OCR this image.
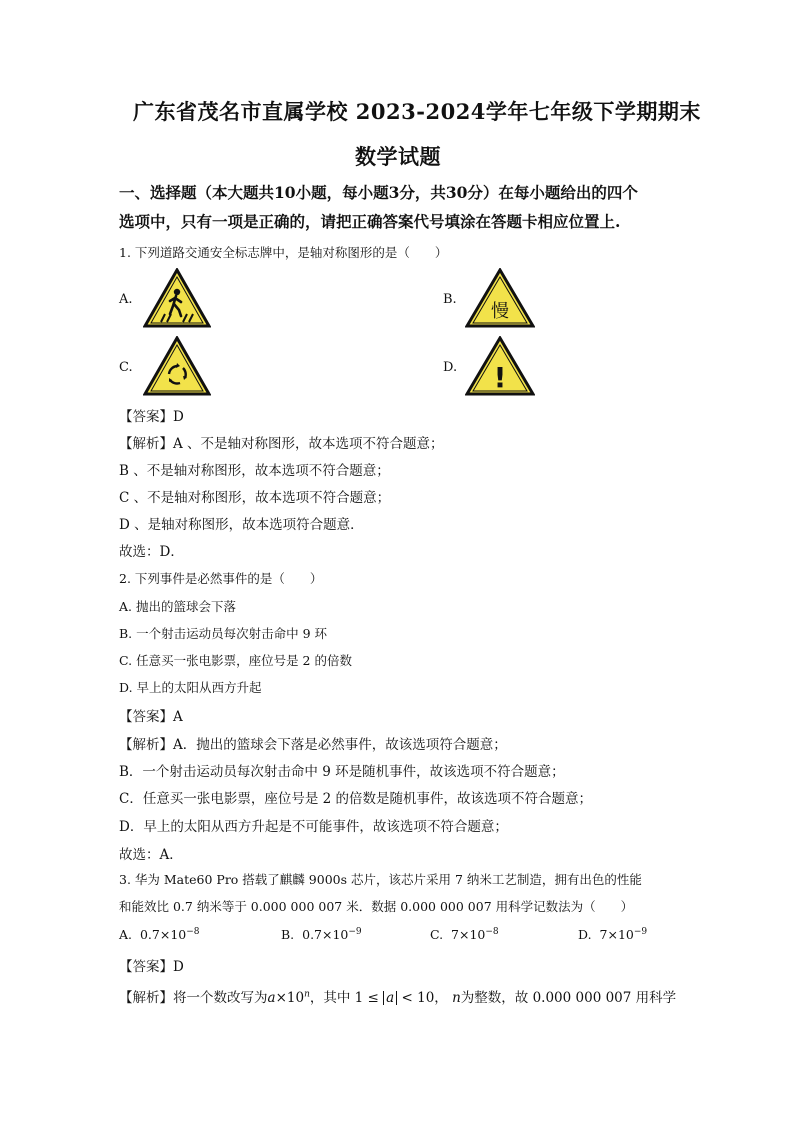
广东省茂名市直属学校 2023-2024学年七年级下学期期末
数学试题
一、选择题（本大题共10小题，每小题3分，共30分）在每小题给出的四个
选项中，只有一项是正确的，请把正确答案代号填涂在答题卡相应位置上.
1. 下列道路交通安全标志牌中，是轴对称图形的是（　　）
A.	B.
慢
C.	D. !
【答案】D
【解析】A 、不是轴对称图形，故本选项不符合题意；
B 、不是轴对称图形，故本选项不符合题意；
C 、不是轴对称图形，故本选项不符合题意；
D 、是轴对称图形，故本选项符合题意．
故选：D．
2. 下列事件是必然事件的是（　　）
A. 抛出的篮球会下落
B. 一个射击运动员每次射击命中 9 环
C. 任意买一张电影票，座位号是 2 的倍数
D. 早上的太阳从西方升起
【答案】A
【解析】A．抛出的篮球会下落是必然事件，故该选项符合题意；
B．一个射击运动员每次射击命中 9 环是随机事件，故该选项不符合题意；
C．任意买一张电影票，座位号是 2 的倍数是随机事件，故该选项不符合题意；
D．早上的太阳从西方升起是不可能事件，故该选项不符合题意；
故选：A．
3. 华为 Mate60 Pro 搭载了麒麟 9000s 芯片，该芯片采用 7 纳米工艺制造，拥有出色的性能
和能效比 0.7 纳米等于 0.000 000 007 米．数据 0.000 000 007 用科学记数法为（　　）
A. $0.7\times 10^{-8}$	B. $0.7\times 10^{-9}$	C. $7\times 10^{-8}$	D. $7\times 10^{-9}$
【答案】D
【解析】将一个数改写为$a\times 10^n$，其中 1 ≤ a < 10， n为整数，故 0.000 000 007 用科学
